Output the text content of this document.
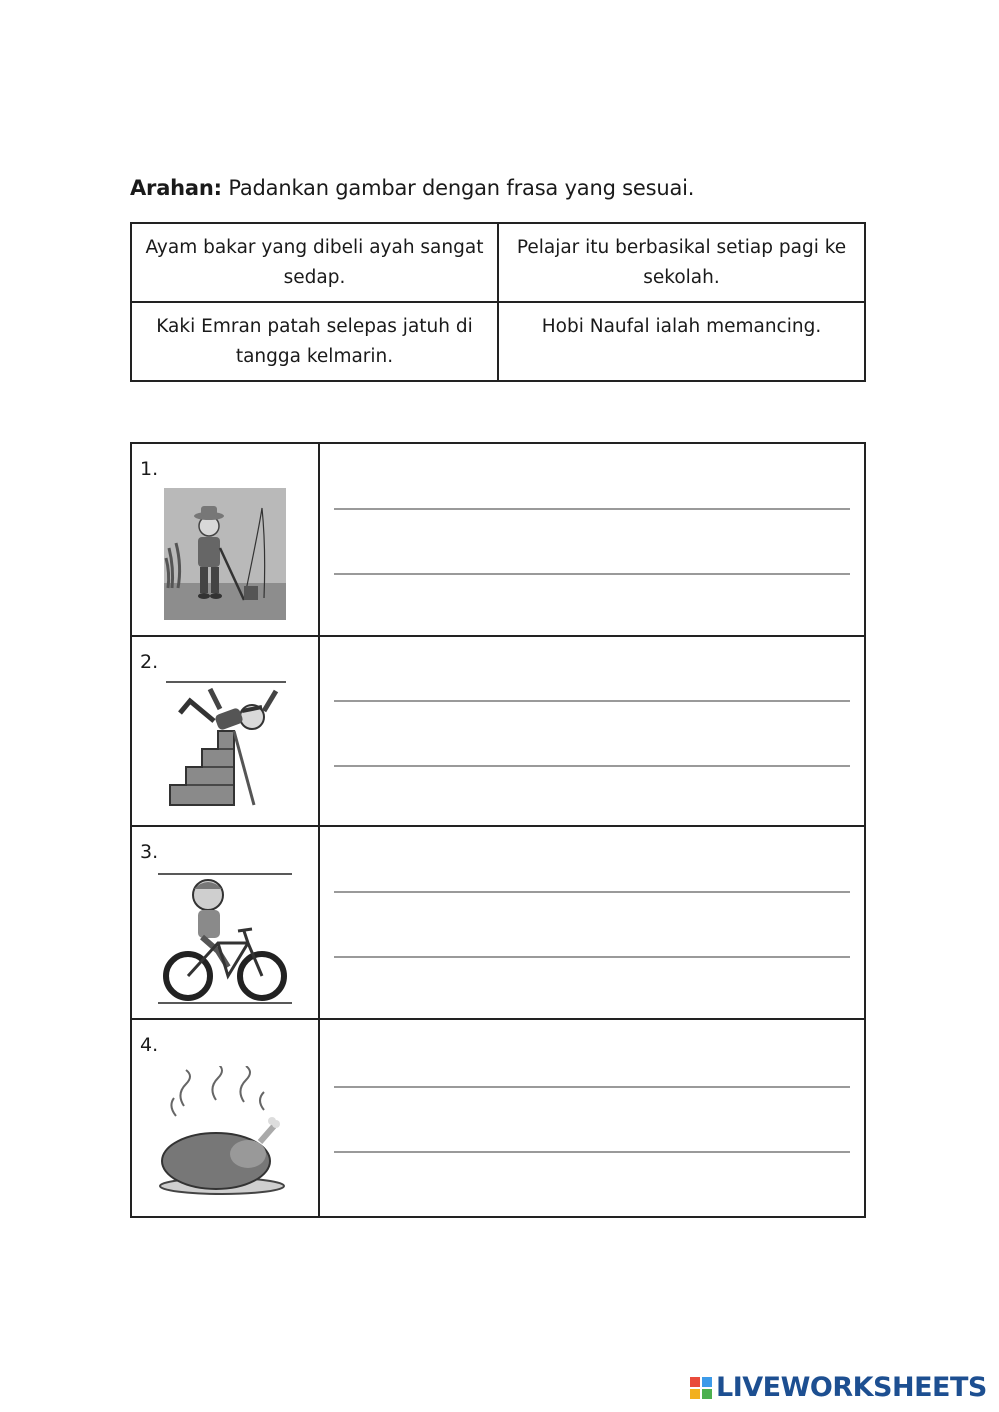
Arahan: Padankan gambar dengan frasa yang sesuai.
Ayam bakar yang dibeli ayah sangat sedap.	Pelajar itu berbasikal setiap pagi ke sekolah.
Kaki Emran patah selepas jatuh di tangga kelmarin.	Hobi Naufal ialah memancing.
1.	

2.	

3.	

4.	

LIVEWORKSHEETS
